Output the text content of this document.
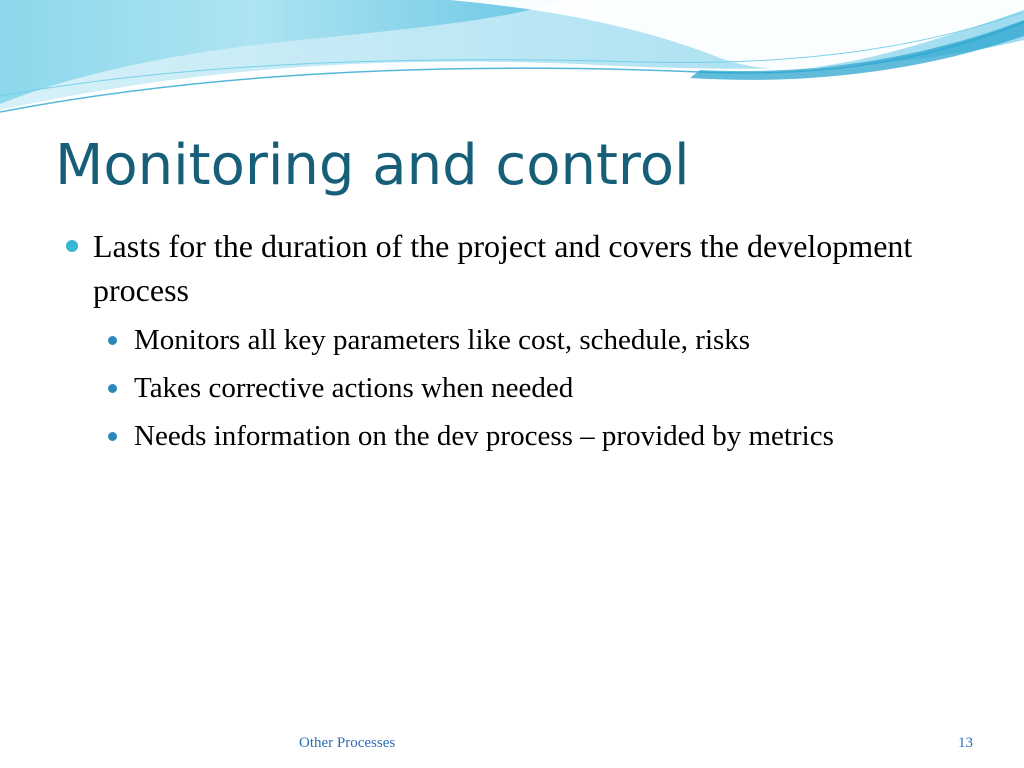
Monitoring and control
Lasts for the duration of the project and covers the development process
Monitors all key parameters like cost, schedule, risks
Takes corrective actions when needed
Needs information on the dev process – provided by metrics
Other Processes	13
